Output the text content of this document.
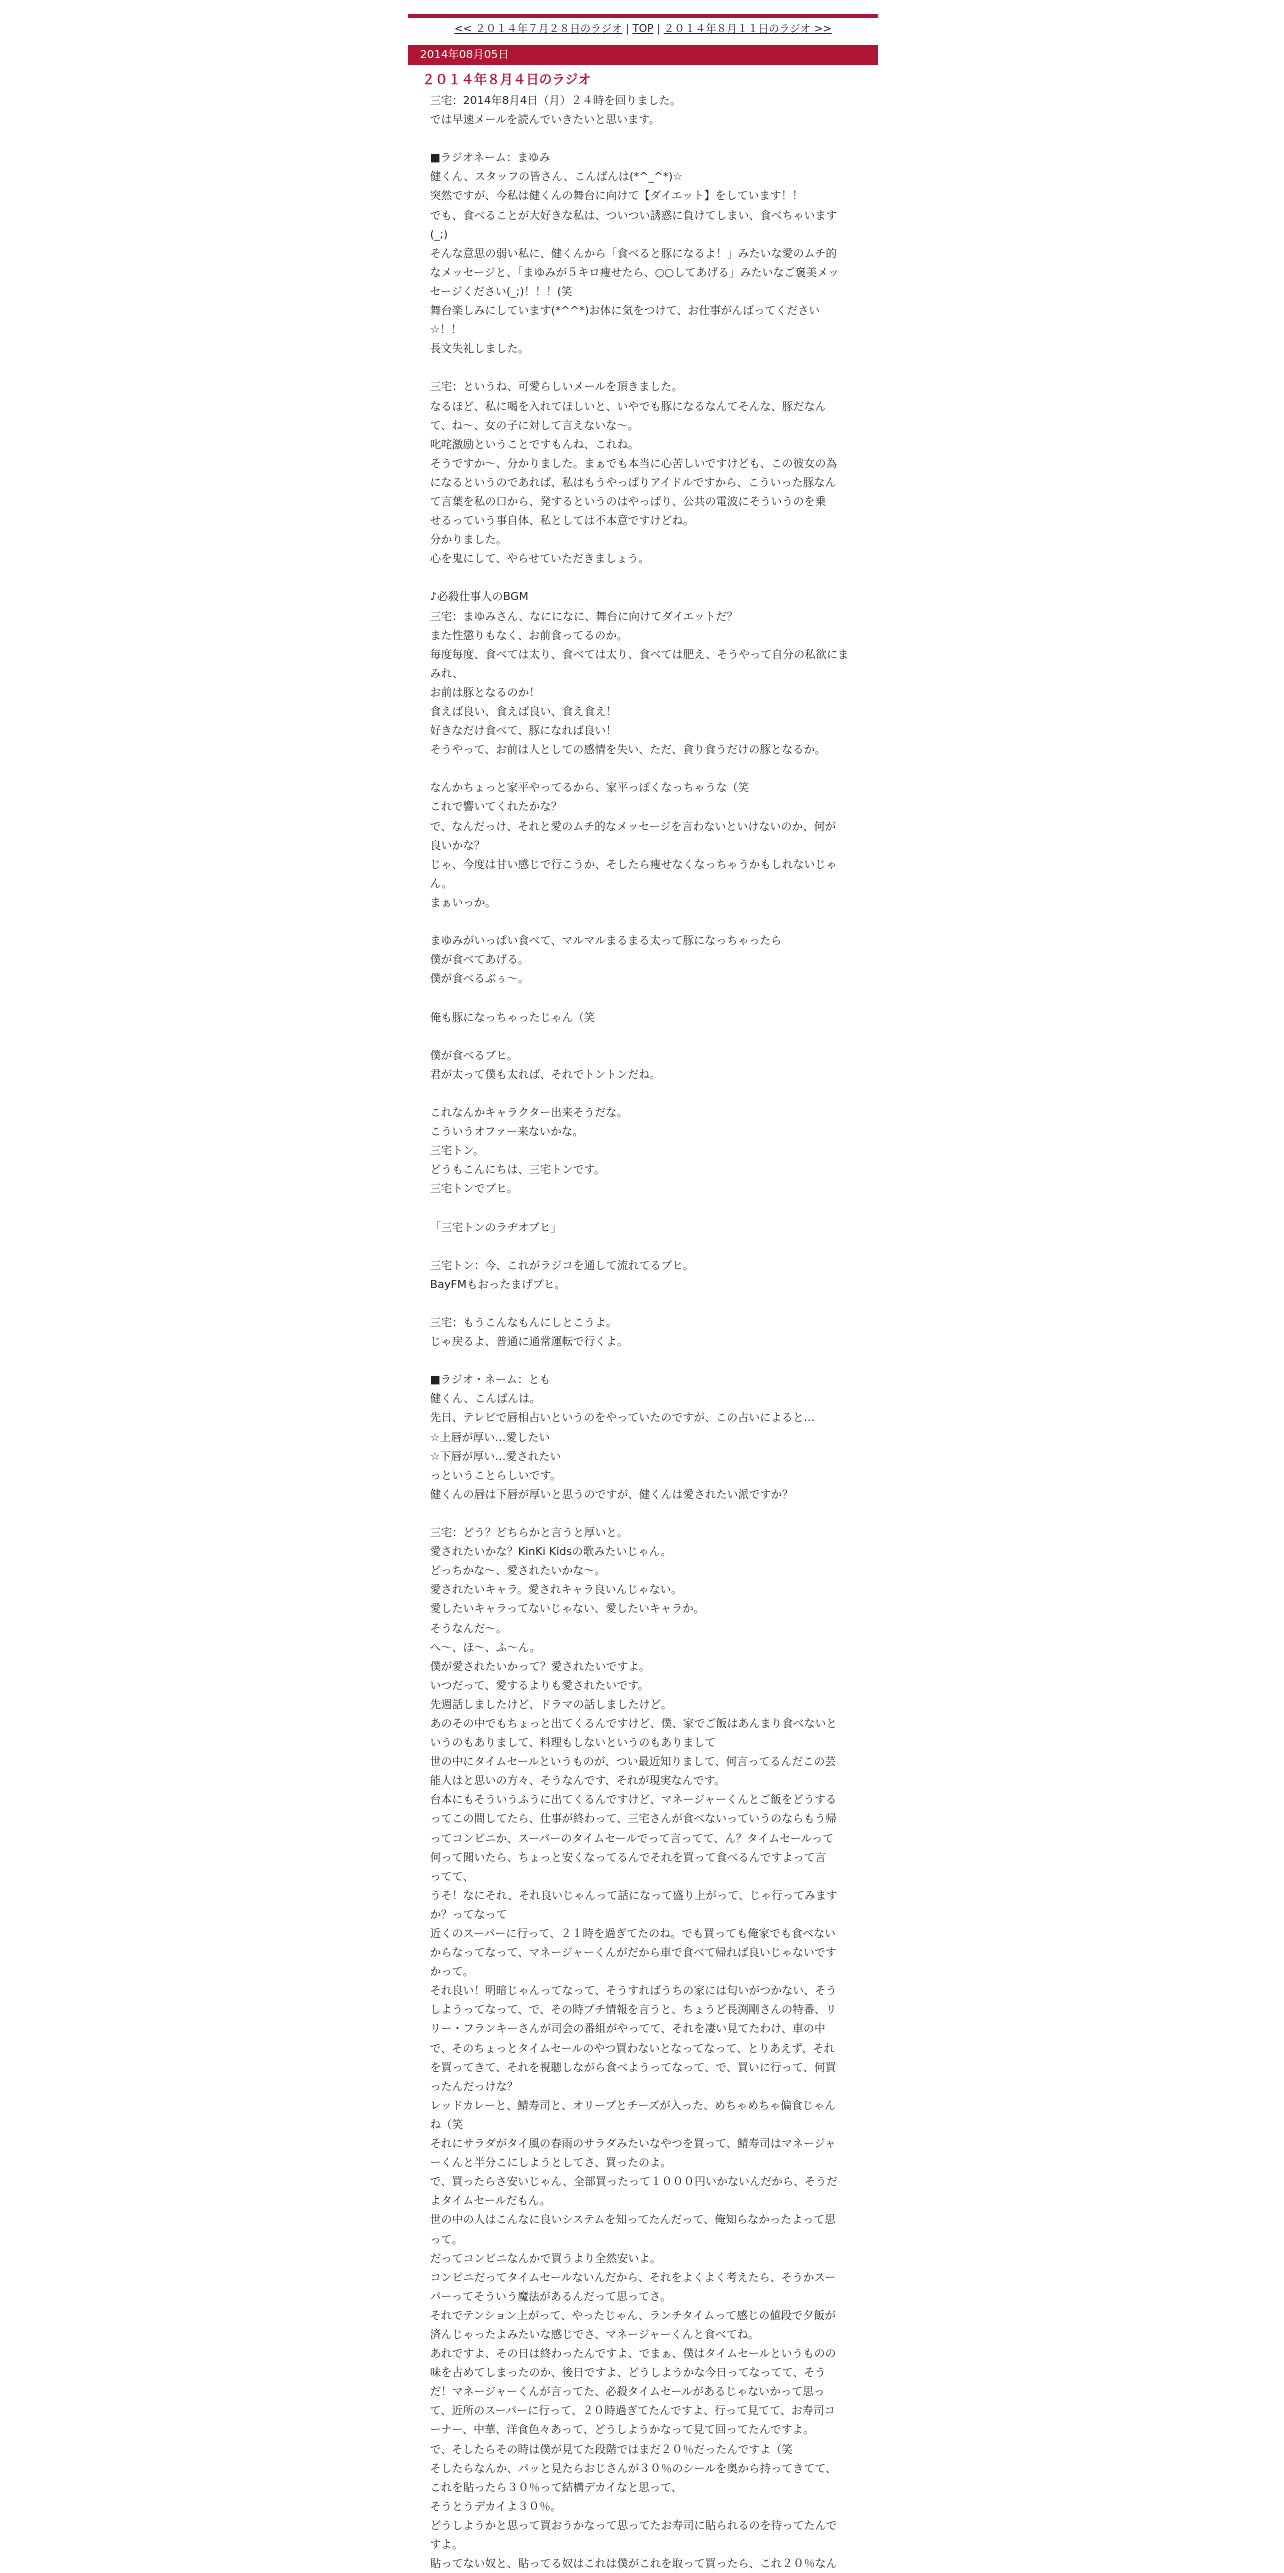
<< ２０１４年７月２８日のラジオ | TOP | ２０１４年８月１１日のラジオ >>
2014年08月05日
２０１４年８月４日のラジオ
三宅：2014年8月4日（月）２４時を回りました。
では早速メールを読んでいきたいと思います。
■ラジオネーム：まゆみ
健くん、スタッフの皆さん、こんばんは(*^_^*)☆
突然ですが、今私は健くんの舞台に向けて【ダイエット】をしています！！
でも、食べることが大好きな私は、ついつい誘惑に負けてしまい、食べちゃいます
(_;)
そんな意思の弱い私に、健くんから「食べると豚になるよ！」みたいな愛のムチ的
なメッセージと、「まゆみが５キロ痩せたら、○○してあげる」みたいなご褒美メッ
セージください(_;)！！！(笑
舞台楽しみにしています(*^^*)お体に気をつけて、お仕事がんばってください
☆！！
長文失礼しました。
三宅：というね、可愛らしいメールを頂きました。
なるほど、私に喝を入れてほしいと、いやでも豚になるなんてそんな、豚だなん
て、ね～、女の子に対して言えないな～。
叱咤激励ということですもんね、これね。
そうですか～、分かりました。まぁでも本当に心苦しいですけども、この彼女の為
になるというのであれば、私はもうやっぱりアイドルですから、こういった豚なん
て言葉を私の口から、発するというのはやっぱり、公共の電波にそういうのを乗
せるっていう事自体、私としては不本意ですけどね。
分かりました。
心を鬼にして、やらせていただきましょう。
♪必殺仕事人のBGM
三宅：まゆみさん、なにになに、舞台に向けてダイエットだ？
また性懲りもなく、お前食ってるのか。
毎度毎度、食べては太り、食べては太り、食べては肥え、そうやって自分の私欲にま
みれ、
お前は豚となるのか！
食えば良い、食えば良い、食え食え！
好きなだけ食べて、豚になれば良い！
そうやって、お前は人としての感情を失い、ただ、貪り食うだけの豚となるか。
なんかちょっと家平やってるから、家平っぽくなっちゃうな（笑
これで響いてくれたかな？
で、なんだっけ、それと愛のムチ的なメッセージを言わないといけないのか、何が
良いかな？
じゃ、今度は甘い感じで行こうか、そしたら痩せなくなっちゃうかもしれないじゃ
ん。
まぁいっか。
まゆみがいっぱい食べて、マルマルまるまる太って豚になっちゃったら
僕が食べてあげる。
僕が食べるぶぅ～。
俺も豚になっちゃったじゃん（笑
僕が食べるブヒ。
君が太って僕も太れば、それでトントンだね。
これなんかキャラクター出来そうだな。
こういうオファー来ないかな。
三宅トン。
どうもこんにちは、三宅トンです。
三宅トンでブヒ。
「三宅トンのラヂオブヒ」
三宅トン：今、これがラジコを通して流れてるブヒ。
BayFMもおったまげブヒ。
三宅：もうこんなもんにしとこうよ。
じゃ戻るよ、普通に通常運転で行くよ。
■ラジオ・ネーム：とも
健くん、こんばんは。
先日、テレビで唇相占いというのをやっていたのですが、この占いによると…
☆上唇が厚い…愛したい
☆下唇が厚い…愛されたい
っということらしいです。
健くんの唇は下唇が厚いと思うのですが、健くんは愛されたい派ですか？
三宅：どう？どちらかと言うと厚いと。
愛されたいかな？KinKi Kidsの歌みたいじゃん。
どっちかな～、愛されたいかな～。
愛されたいキャラ。愛されキャラ良いんじゃない。
愛したいキャラってないじゃない、愛したいキャラか。
そうなんだ～。
へ～、ほ～、ふ～ん。
僕が愛されたいかって？愛されたいですよ。
いつだって、愛するよりも愛されたいです。
先週話しましたけど、ドラマの話しましたけど。
あのその中でもちょっと出てくるんですけど、僕、家でご飯はあんまり食べないと
いうのもありまして、料理もしないというのもありまして
世の中にタイムセールというものが、つい最近知りまして、何言ってるんだこの芸
能人はと思いの方々、そうなんです、それが現実なんです。
台本にもそういうふうに出てくるんですけど、マネージャーくんとご飯をどうする
ってこの間してたら、仕事が終わって、三宅さんが食べないっていうのならもう帰
ってコンビニか、スーパーのタイムセールでって言ってて、ん？タイムセールって
何って聞いたら、ちょっと安くなってるんでそれを買って食べるんですよって言
ってて、
うそ！なにそれ、それ良いじゃんって話になって盛り上がって、じゃ行ってみます
か？ってなって
近くのスーパーに行って、２１時を過ぎてたのね。でも買っても俺家でも食べない
からなってなって、マネージャーくんがだから車で食べて帰れば良いじゃないです
かって。
それ良い！明暗じゃんってなって、そうすればうちの家には匂いがつかない、そう
しようってなって、で、その時プチ情報を言うと、ちょうど長渕剛さんの特番、リ
リー・フランキーさんが司会の番組がやってて、それを凄い見てたわけ、車の中
で、そのちょっとタイムセールのやつ買わないとなってなって、とりあえず、それ
を買ってきて、それを視聴しながら食べようってなって、で、買いに行って、何買
ったんだっけな？
レッドカレーと、鯖寿司と、オリーブとチーズが入った、めちゃめちゃ偏食じゃん
ね（笑
それにサラダがタイ風の春雨のサラダみたいなやつを買って、鯖寿司はマネージャ
ーくんと半分こにしようとしてさ、買ったのよ。
で、買ったらさ安いじゃん、全部買ったって１０００円いかないんだから、そうだ
よタイムセールだもん。
世の中の人はこんなに良いシステムを知ってたんだって、俺知らなかったよって思
って。
だってコンビニなんかで買うより全然安いよ。
コンビニだってタイムセールないんだから、それをよくよく考えたら、そうかスー
パーってそういう魔法があるんだって思ってさ。
それでテンション上がって、やったじゃん、ランチタイムって感じの値段で夕飯が
済んじゃったよみたいな感じでさ、マネージャーくんと食べてね。
あれですよ、その日は終わったんですよ、でまぁ、僕はタイムセールというものの
味を占めてしまったのか、後日ですよ、どうしようかな今日ってなってて、そう
だ！マネージャーくんが言ってた、必殺タイムセールがあるじゃないかって思っ
て、近所のスーパーに行って、２０時過ぎてたんですよ、行って見てて、お寿司コ
ーナー、中華、洋食色々あって、どうしようかなって見て回ってたんですよ。
で、そしたらその時は僕が見てた段階ではまだ２０％だったんですよ（笑
そしたらなんか、パッと見たらおじさんが３０％のシールを奥から持ってきてて、
これを貼ったら３０％って結構デカイなと思って、
そうとうデカイよ３０％。
どうしようかと思って買おうかなって思ってたお寿司に貼られるのを待ってたんで
すよ。
貼ってない奴と、貼ってる奴はこれは僕がこれを取って買ったら、これ２０％なん
